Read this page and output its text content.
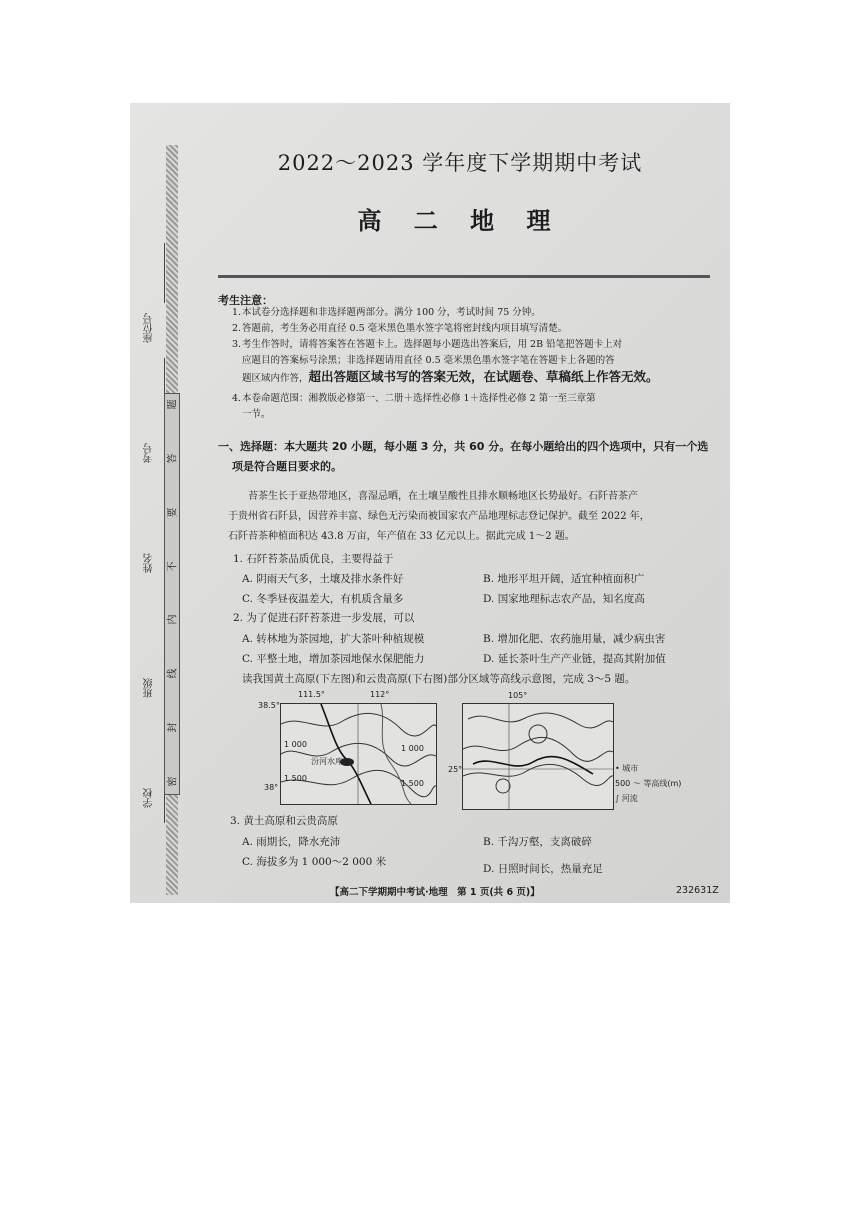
学校
班级
姓名
考号
座位号
题
答
要
不
内
线
封
密
2022～2023 学年度下学期期中考试
高 二 地 理
考生注意：
1. 本试卷分选择题和非选择题两部分。满分 100 分，考试时间 75 分钟。
2. 答题前，考生务必用直径 0.5 毫米黑色墨水签字笔将密封线内项目填写清楚。
3. 考生作答时，请将答案答在答题卡上。选择题每小题选出答案后，用 2B 铅笔把答题卡上对
应题目的答案标号涂黑；非选择题请用直径 0.5 毫米黑色墨水签字笔在答题卡上各题的答
题区域内作答，超出答题区域书写的答案无效，在试题卷、草稿纸上作答无效。
4. 本卷命题范围：湘教版必修第一、二册＋选择性必修 1＋选择性必修 2 第一至三章第
一节。
一、选择题：本大题共 20 小题，每小题 3 分，共 60 分。在每小题给出的四个选项中，只有一个选
项是符合题目要求的。
苔茶生长于亚热带地区，喜湿忌晒，在土壤呈酸性且排水顺畅地区长势最好。石阡苔茶产
于贵州省石阡县，因营养丰富、绿色无污染而被国家农产品地理标志登记保护。截至 2022 年，
石阡苔茶种植面积达 43.8 万亩，年产值在 33 亿元以上。据此完成 1～2 题。
1. 石阡苔茶品质优良，主要得益于
A. 阴雨天气多，土壤及排水条件好	B. 地形平坦开阔，适宜种植面积广
C. 冬季昼夜温差大，有机质含量多	D. 国家地理标志农产品，知名度高
2. 为了促进石阡苔茶进一步发展，可以
A. 转林地为茶园地，扩大茶叶种植规模	B. 增加化肥、农药施用量，减少病虫害
C. 平整土地，增加茶园地保水保肥能力	D. 延长茶叶生产产业链，提高其附加值
读我国黄土高原(下左图)和云贵高原(下右图)部分区域等高线示意图，完成 3～5 题。
111.5°	112°
38.5°
38°
汾河水库
1 000
1 500
1 000
1 500
105°
25°	• 城市
500 〜 等高线(m)
∫ 河流
3. 黄土高原和云贵高原
A. 雨期长，降水充沛	B. 千沟万壑，支离破碎
C. 海拔多为 1 000～2 000 米
D. 日照时间长，热量充足
【高二下学期期中考试·地理　第 1 页(共 6 页)】	232631Z
